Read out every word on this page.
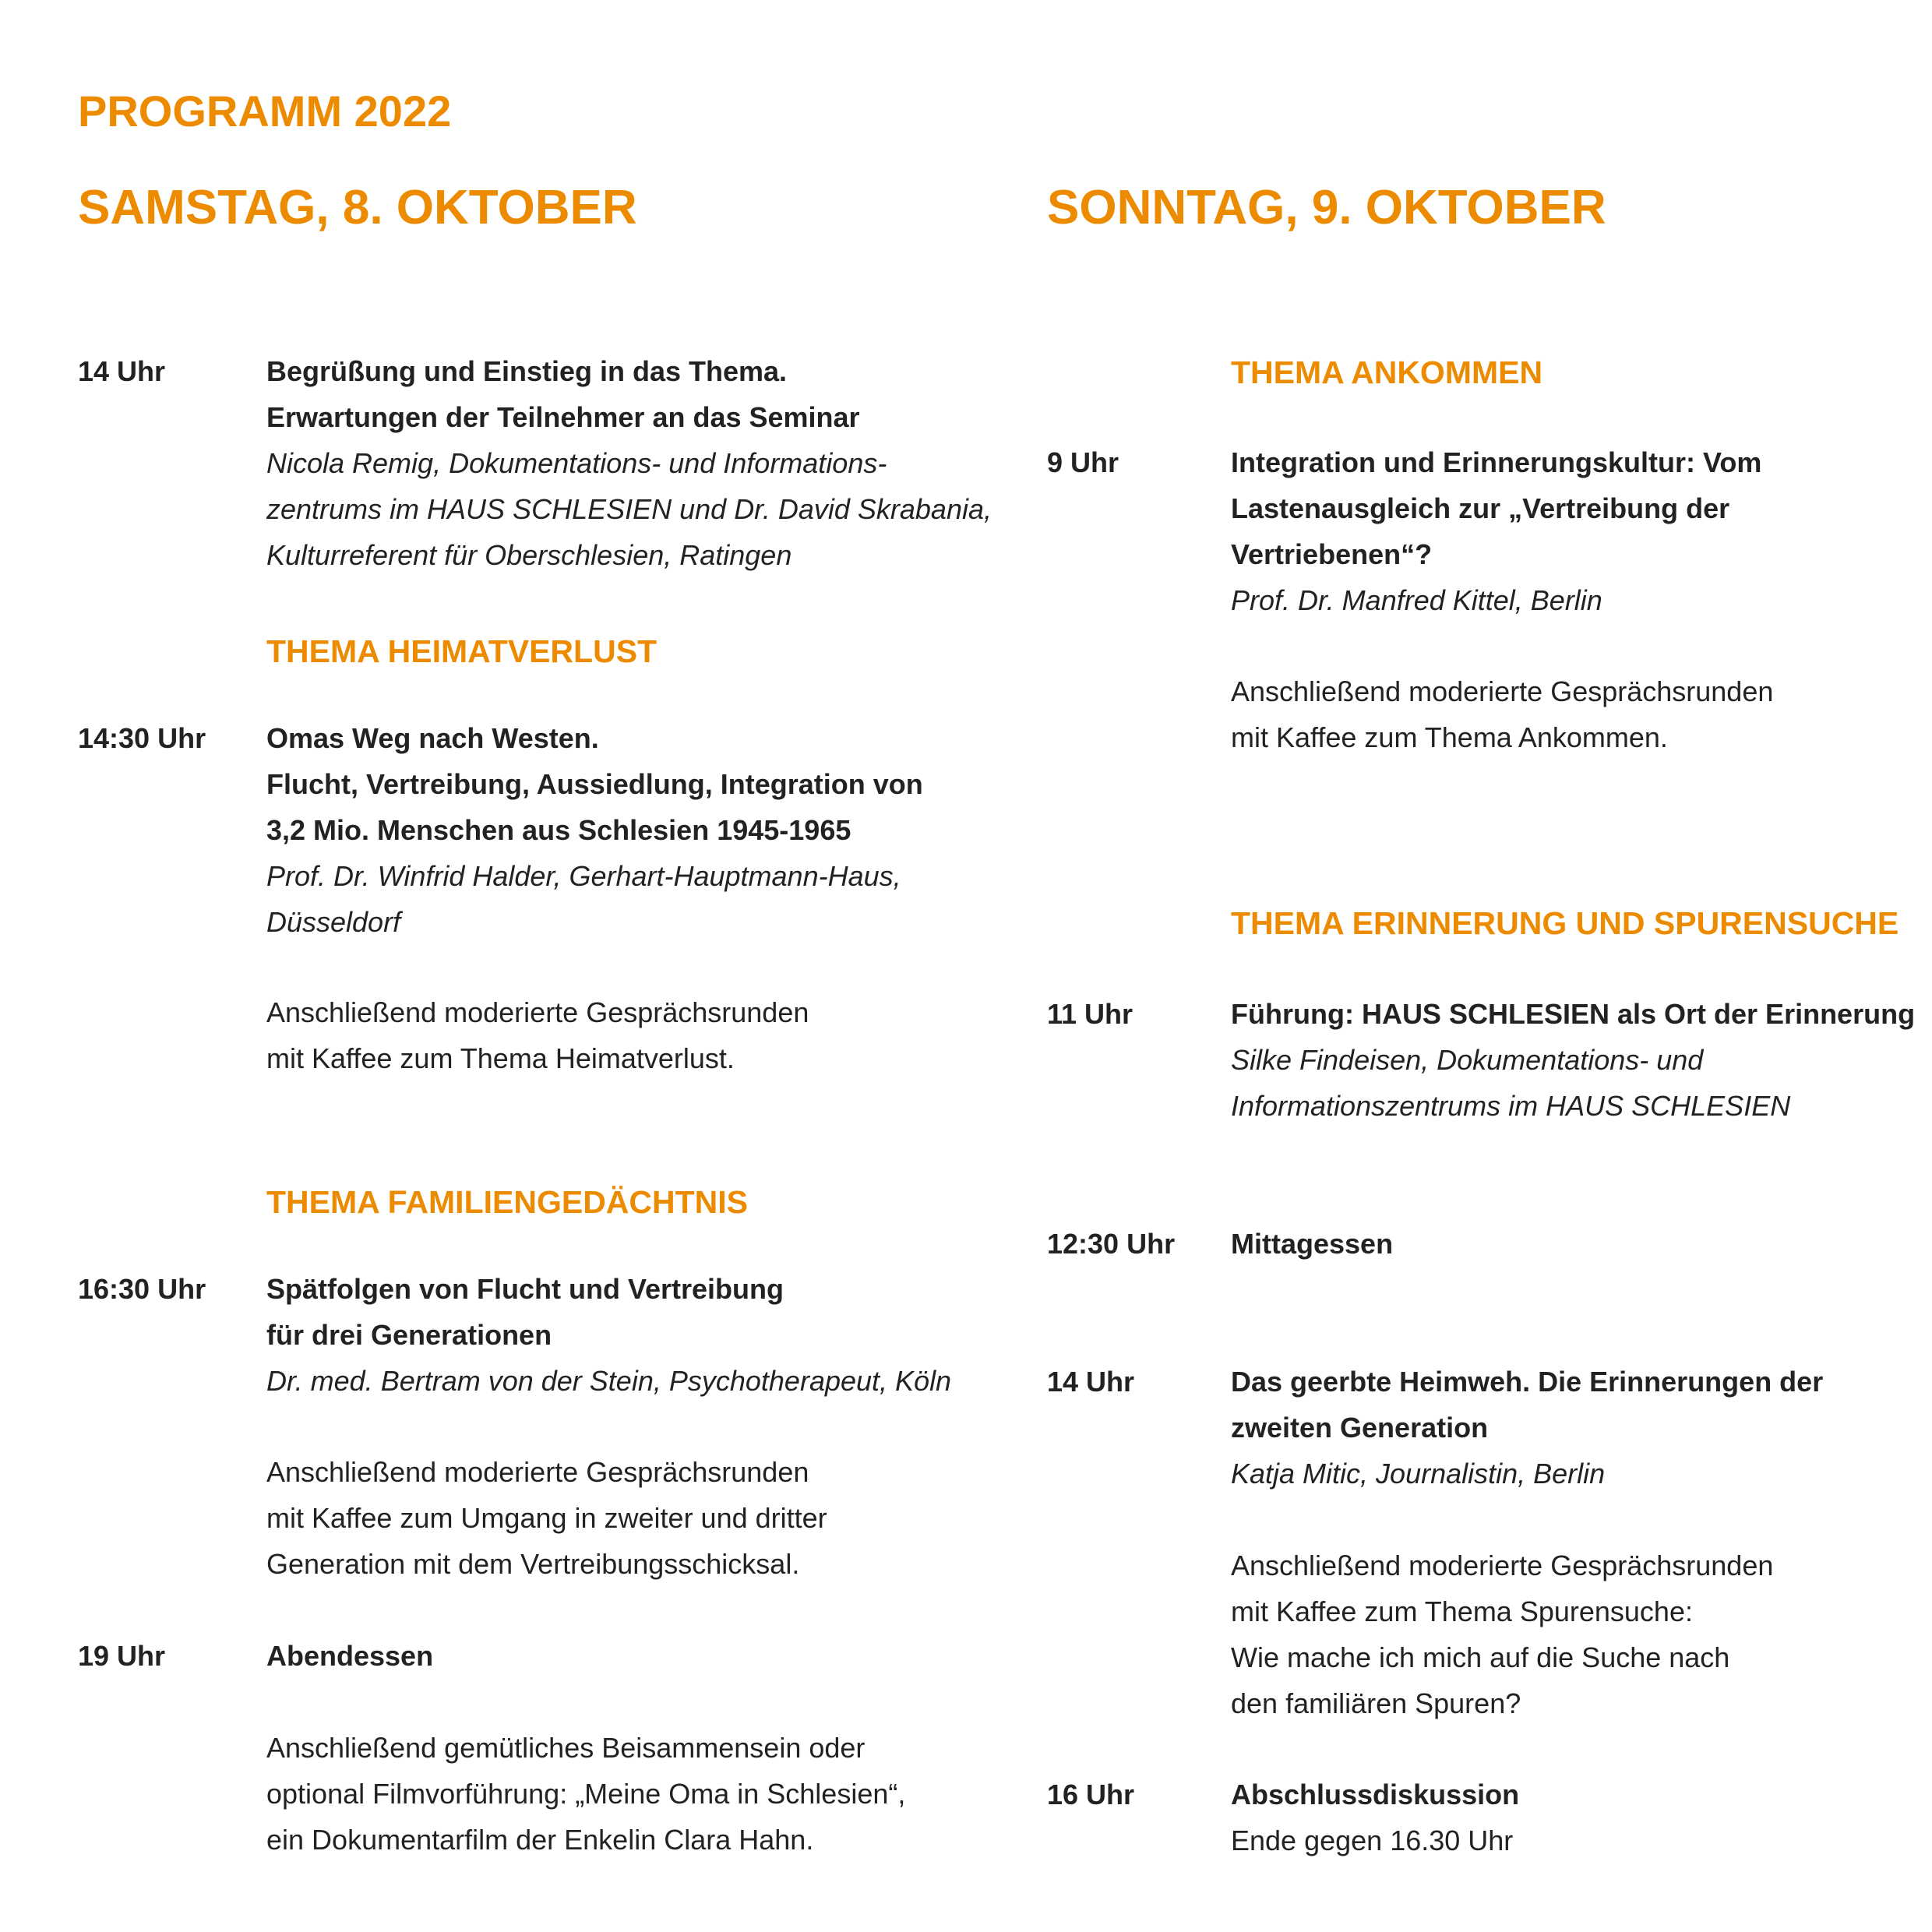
PROGRAMM 2022
SAMSTAG, 8. OKTOBER	SONNTAG, 9. OKTOBER
14 Uhr	Begrüßung und Einstieg in das Thema.
Erwartungen der Teilnehmer an das Seminar
Nicola Remig, Dokumentations- und Informations-
zentrums im HAUS SCHLESIEN und Dr. David Skrabania,
Kulturreferent für Oberschlesien, Ratingen
THEMA HEIMATVERLUST
14:30 Uhr Omas Weg nach Westen.
Flucht, Vertreibung, Aussiedlung, Integration von
3,2 Mio. Menschen aus Schlesien 1945-1965
Prof. Dr. Winfrid Halder, Gerhart-Hauptmann-Haus,
Düsseldorf
Anschließend moderierte Gesprächsrunden
mit Kaffee zum Thema Heimatverlust.
THEMA FAMILIENGEDÄCHTNIS
16:30 Uhr Spätfolgen von Flucht und Vertreibung
für drei Generationen
Dr. med. Bertram von der Stein, Psychotherapeut, Köln
Anschließend moderierte Gesprächsrunden
mit Kaffee zum Umgang in zweiter und dritter
Generation mit dem Vertreibungsschicksal.
19 Uhr	Abendessen
Anschließend gemütliches Beisammensein oder
optional Filmvorführung: „Meine Oma in Schlesien“,
ein Dokumentarfilm der Enkelin Clara Hahn.
THEMA ANKOMMEN
9 Uhr	Integration und Erinnerungskultur: Vom
Lastenausgleich zur „Vertreibung der
Vertriebenen“?
Prof. Dr. Manfred Kittel, Berlin
Anschließend moderierte Gesprächsrunden
mit Kaffee zum Thema Ankommen.
THEMA ERINNERUNG UND SPURENSUCHE
11 Uhr	Führung: HAUS SCHLESIEN als Ort der Erinnerung
Silke Findeisen, Dokumentations- und
Informationszentrums im HAUS SCHLESIEN
12:30 Uhr Mittagessen
14 Uhr	Das geerbte Heimweh. Die Erinnerungen der
zweiten Generation
Katja Mitic, Journalistin, Berlin
Anschließend moderierte Gesprächsrunden
mit Kaffee zum Thema Spurensuche:
Wie mache ich mich auf die Suche nach
den familiären Spuren?
16 Uhr	Abschlussdiskussion
Ende gegen 16.30 Uhr
